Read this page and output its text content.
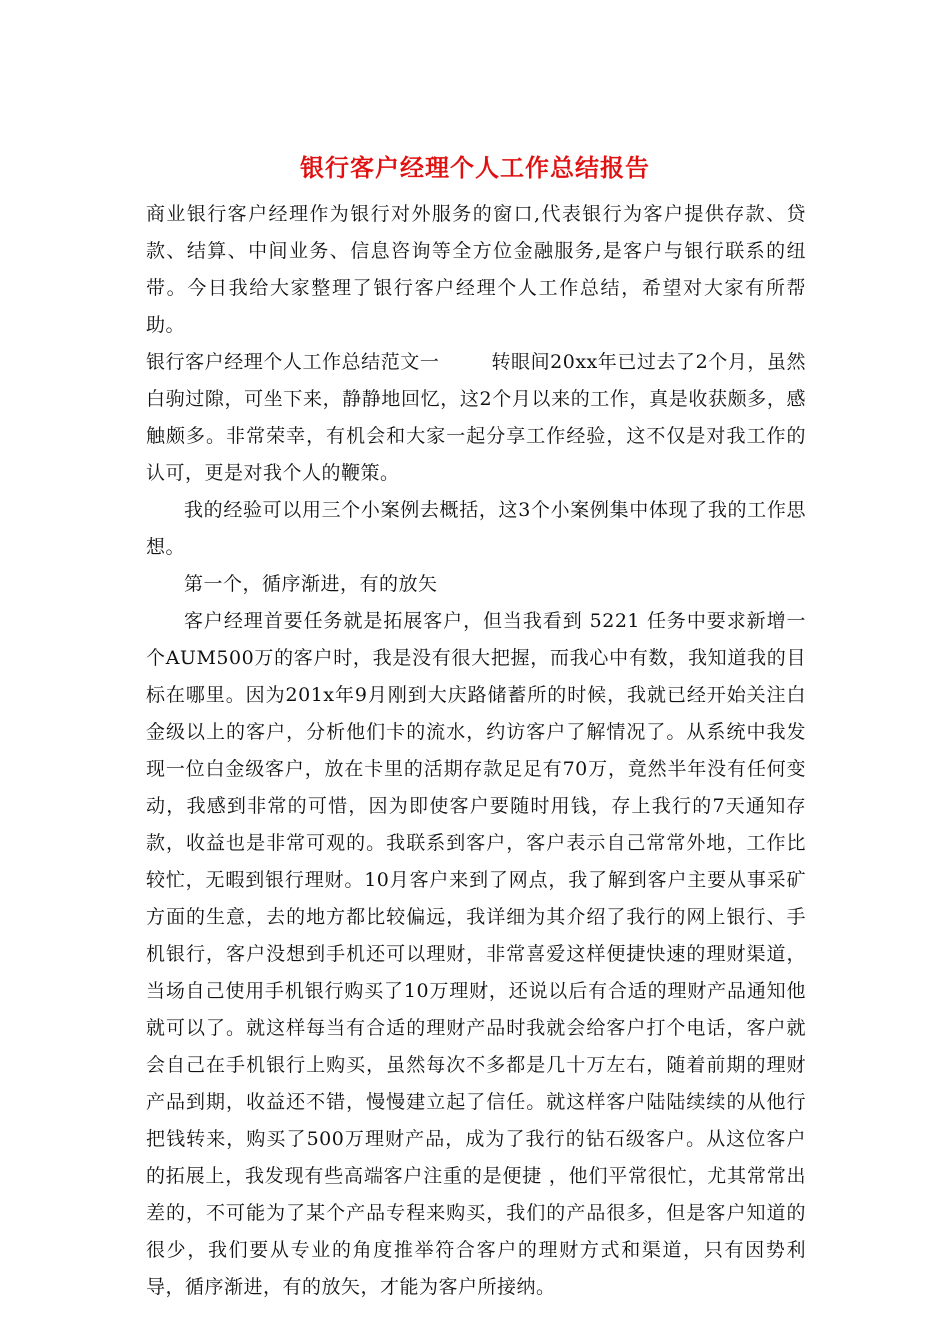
银行客户经理个人工作总结报告

商业银行客户经理作为银行对外服务的窗口,代表银行为客户提供存款、贷款、结算、中间业务、信息咨询等全方位金融服务,是客户与银行联系的纽带。今日我给大家整理了银行客户经理个人工作总结，希望对大家有所帮助。

银行客户经理个人工作总结范文一	转眼间20xx年已过去了2个月，虽然白驹过隙，可坐下来，静静地回忆，这2个月以来的工作，真是收获颇多，感触颇多。非常荣幸，有机会和大家一起分享工作经验，这不仅是对我工作的认可，更是对我个人的鞭策。

我的经验可以用三个小案例去概括，这3个小案例集中体现了我的工作思想。

第一个，循序渐进，有的放矢

客户经理首要任务就是拓展客户，但当我看到 5221 任务中要求新增一个AUM500万的客户时，我是没有很大把握，而我心中有数，我知道我的目标在哪里。因为201x年9月刚到大庆路储蓄所的时候，我就已经开始关注白金级以上的客户，分析他们卡的流水，约访客户了解情况了。从系统中我发现一位白金级客户，放在卡里的活期存款足足有70万，竟然半年没有任何变动，我感到非常的可惜，因为即使客户要随时用钱，存上我行的7天通知存款，收益也是非常可观的。我联系到客户，客户表示自己常常外地，工作比较忙，无暇到银行理财。10月客户来到了网点，我了解到客户主要从事采矿方面的生意，去的地方都比较偏远，我详细为其介绍了我行的网上银行、手机银行，客户没想到手机还可以理财，非常喜爱这样便捷快速的理财渠道，当场自己使用手机银行购买了10万理财，还说以后有合适的理财产品通知他就可以了。就这样每当有合适的理财产品时我就会给客户打个电话，客户就会自己在手机银行上购买，虽然每次不多都是几十万左右，随着前期的理财产品到期，收益还不错，慢慢建立起了信任。就这样客户陆陆续续的从他行把钱转来，购买了500万理财产品，成为了我行的钻石级客户。从这位客户的拓展上，我发现有些高端客户注重的是便捷 ，他们平常很忙，尤其常常出差的，不可能为了某个产品专程来购买，我们的产品很多，但是客户知道的很少，我们要从专业的角度推举符合客户的理财方式和渠道，只有因势利导，循序渐进，有的放矢，才能为客户所接纳。
